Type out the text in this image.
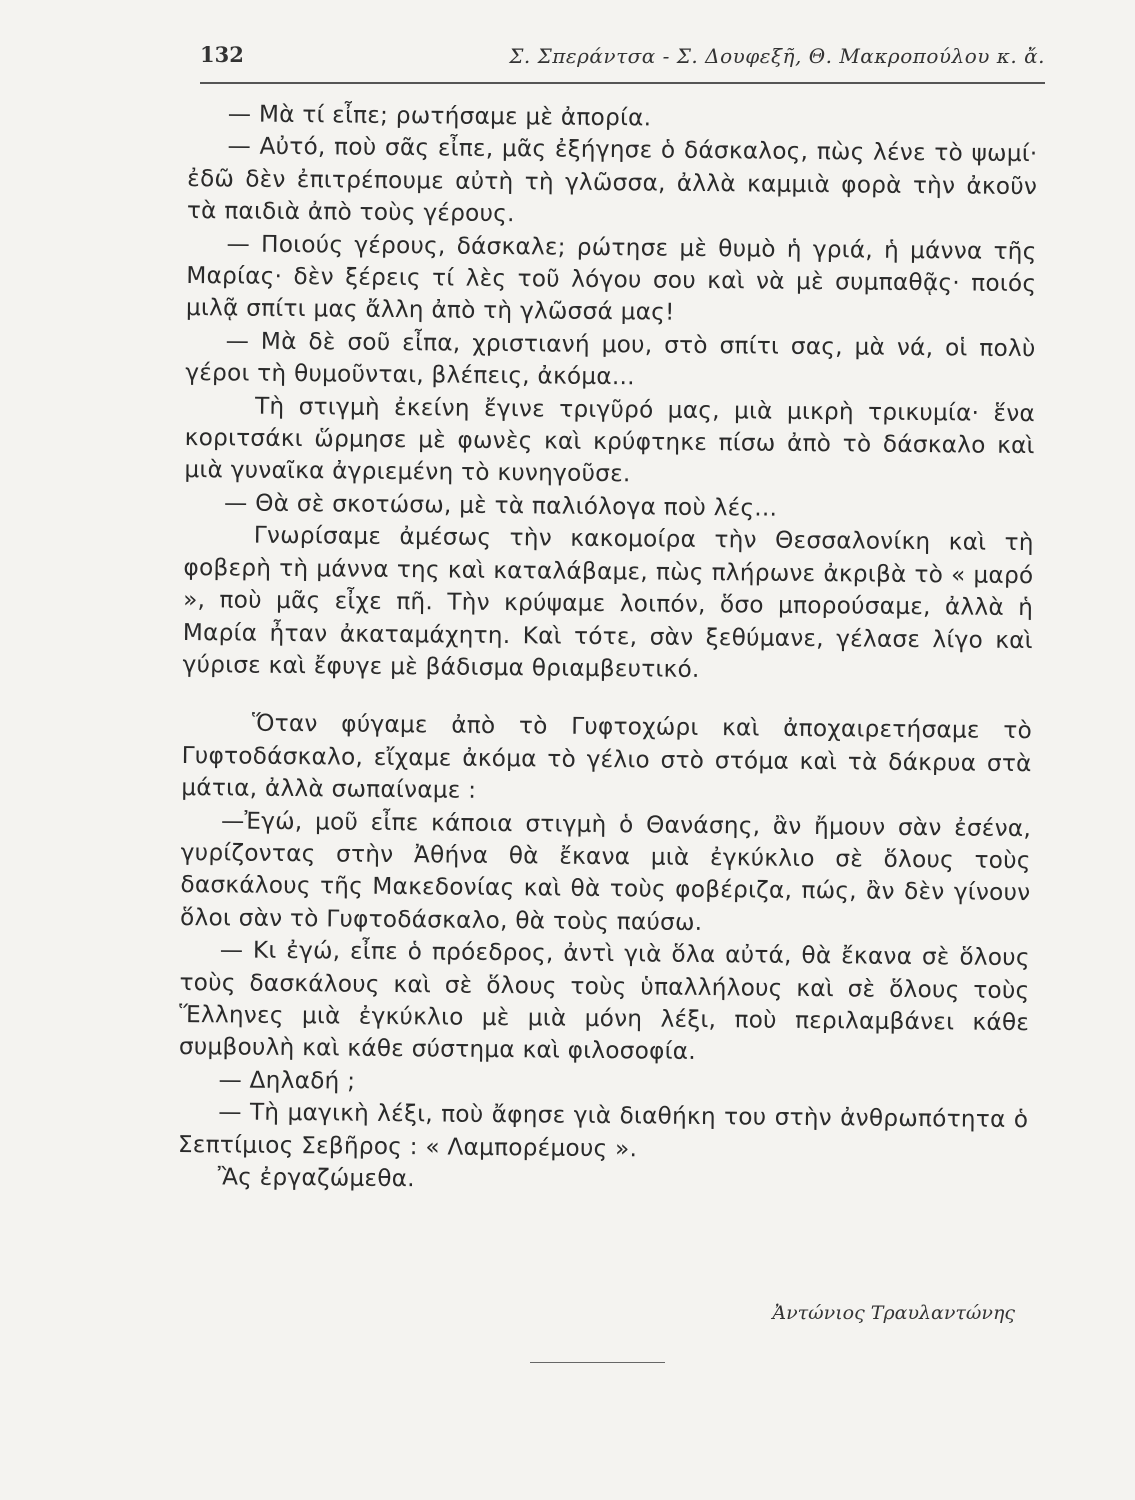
132	Σ. Σπεράντσα - Σ. Δουφεξῆ, Θ. Μακροπούλου κ. ἄ.

— Μὰ τί εἶπε; ρωτήσαμε μὲ ἀπορία.

— Αὐτό, ποὺ σᾶς εἶπε, μᾶς ἐξήγησε ὁ δάσκαλος, πὼς λένε τὸ ψωμί· ἐδῶ δὲν ἐπιτρέπουμε αὐτὴ τὴ γλῶσσα, ἀλλὰ καμμιὰ φορὰ τὴν ἀκοῦν τὰ παιδιὰ ἀπὸ τοὺς γέρους.

— Ποιούς γέρους, δάσκαλε; ρώτησε μὲ θυμὸ ἡ γριά, ἡ μάννα τῆς Μαρίας· δὲν ξέρεις τί λὲς τοῦ λόγου σου καὶ νὰ μὲ συμπαθᾷς· ποιός μιλᾷ σπίτι μας ἄλλη ἀπὸ τὴ γλῶσσά μας!

— Μὰ δὲ σοῦ εἶπα, χριστιανή μου, στὸ σπίτι σας, μὰ νά, οἱ πολὺ γέροι τὴ θυμοῦνται, βλέπεις, ἀκόμα...

Τὴ στιγμὴ ἐκείνη ἔγινε τριγῦρό μας, μιὰ μικρὴ τρικυμία· ἕνα κοριτσάκι ὥρμησε μὲ φωνὲς καὶ κρύφτηκε πίσω ἀπὸ τὸ δάσκαλο καὶ μιὰ γυναῖκα ἀγριεμένη τὸ κυνηγοῦσε.

— Θὰ σὲ σκοτώσω, μὲ τὰ παλιόλογα ποὺ λές...

Γνωρίσαμε ἀμέσως τὴν κακομοίρα τὴν Θεσσαλονίκη καὶ τὴ φοβερὴ τὴ μάννα της καὶ καταλάβαμε, πὼς πλήρωνε ἀκριβὰ τὸ « μαρό », ποὺ μᾶς εἶχε πῆ. Τὴν κρύψαμε λοιπόν, ὅσο μπορούσαμε, ἀλλὰ ἡ Μαρία ἦταν ἀκαταμάχητη. Καὶ τότε, σὰν ξεθύμανε, γέλασε λίγο καὶ γύρισε καὶ ἔφυγε μὲ βάδισμα θριαμβευτικό.

Ὅταν φύγαμε ἀπὸ τὸ Γυφτοχώρι καὶ ἀποχαιρετήσαμε τὸ Γυφτοδάσκαλο, εἴχαμε ἀκόμα τὸ γέλιο στὸ στόμα καὶ τὰ δάκρυα στὰ μάτια, ἀλλὰ σωπαίναμε :

—Ἐγώ, μοῦ εἶπε κάποια στιγμὴ ὁ Θανάσης, ἂν ἤμουν σὰν ἐσένα, γυρίζοντας στὴν Ἀθήνα θὰ ἔκανα μιὰ ἐγκύκλιο σὲ ὅλους τοὺς δασκάλους τῆς Μακεδονίας καὶ θὰ τοὺς φοβέριζα, πώς, ἂν δὲν γίνουν ὅλοι σὰν τὸ Γυφτοδάσκαλο, θὰ τοὺς παύσω.

— Κι ἐγώ, εἶπε ὁ πρόεδρος, ἀντὶ γιὰ ὅλα αὐτά, θὰ ἔκανα σὲ ὅλους τοὺς δασκάλους καὶ σὲ ὅλους τοὺς ὑπαλλήλους καὶ σὲ ὅλους τοὺς Ἕλληνες μιὰ ἐγκύκλιο μὲ μιὰ μόνη λέξι, ποὺ περιλαμβάνει κάθε συμβουλὴ καὶ κάθε σύστημα καὶ φιλοσοφία.

— Δηλαδή ;

— Τὴ μαγικὴ λέξι, ποὺ ἄφησε γιὰ διαθήκη του στὴν ἀνθρωπότητα ὁ Σεπτίμιος Σεβῆρος : « Λαμπορέμους ».

Ἂς ἐργαζώμεθα.

Ἀντώνιος Τραυλαντώνης
